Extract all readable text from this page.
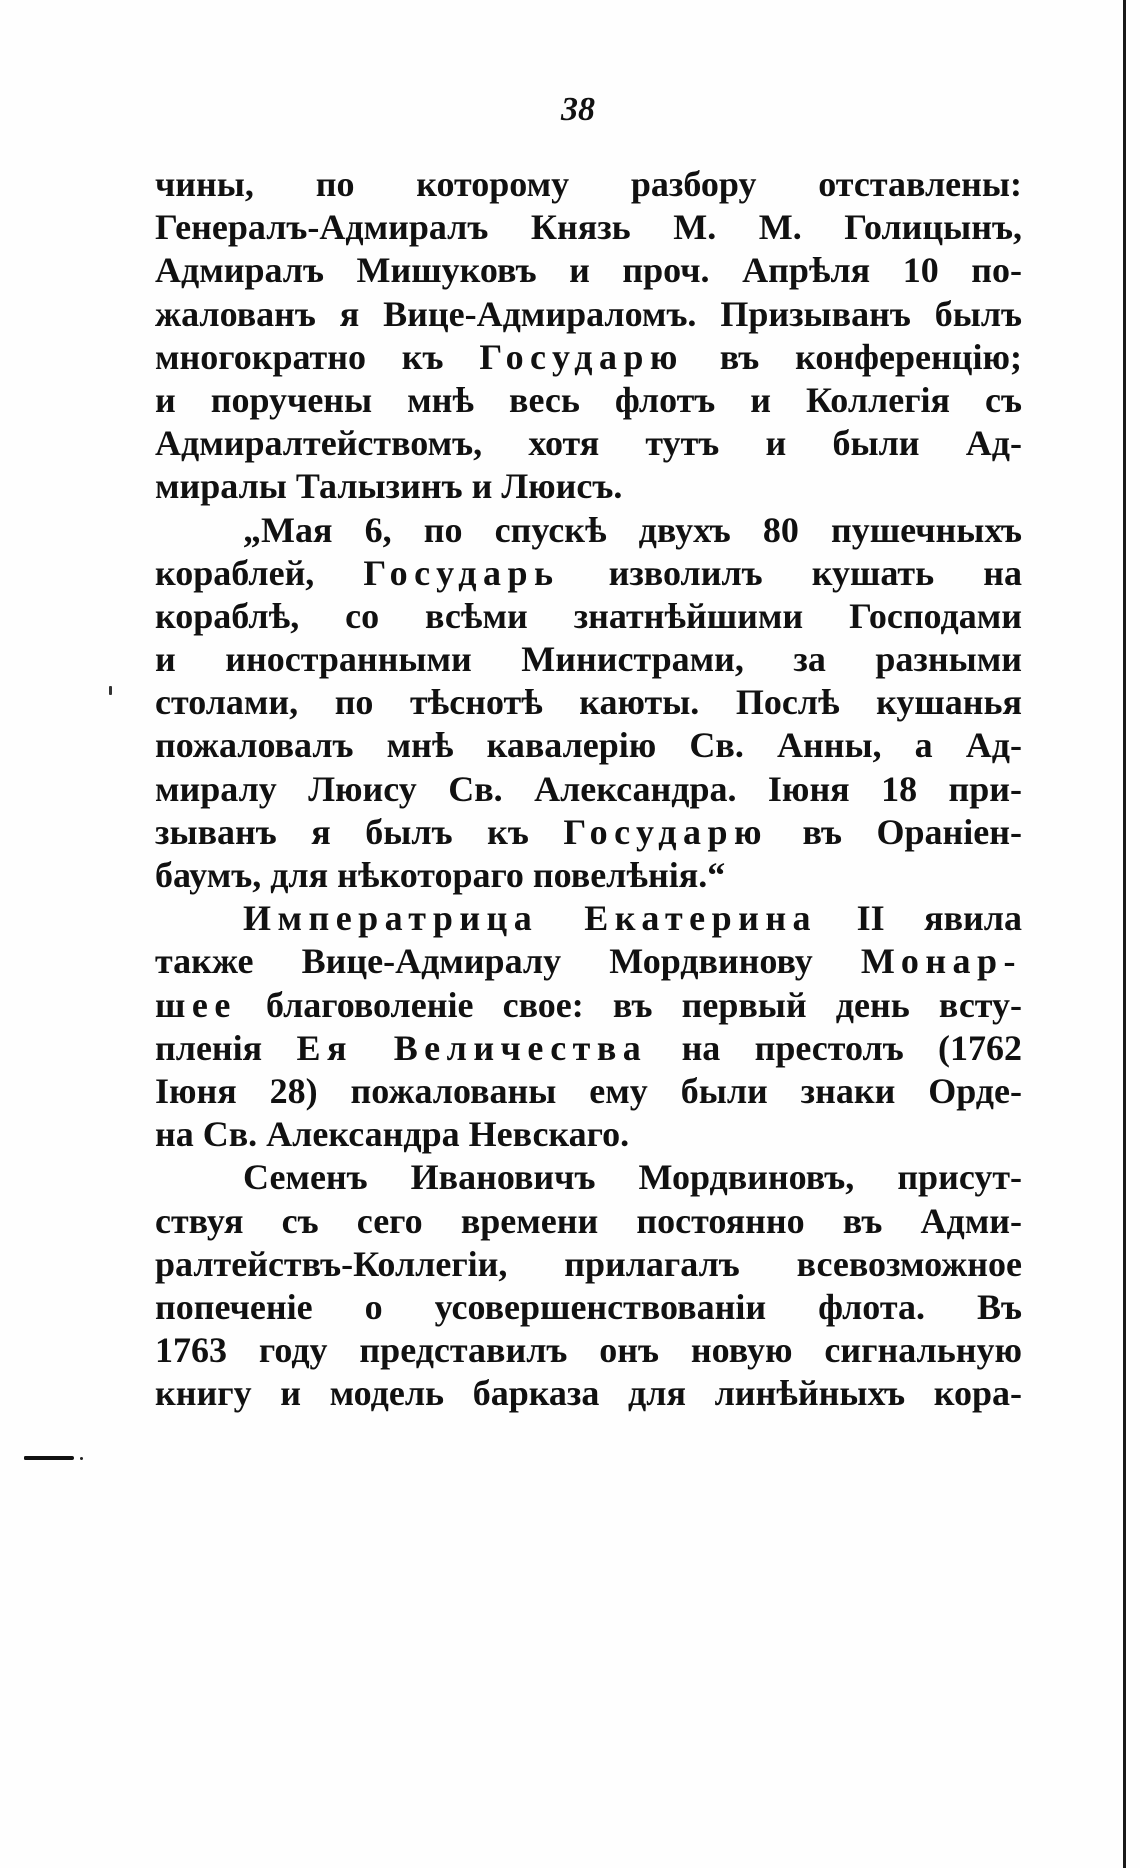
38
чины, по которому разбору отставлены:
Генералъ-Адмиралъ Князь М. М. Голицынъ,
Адмиралъ Мишуковъ и проч. Апрѣля 10 по-
жалованъ я Вице-Адмираломъ. Призыванъ былъ
многократно къ Государю въ конференцію;
и поручены мнѣ весь флотъ и Коллегія съ
Адмиралтействомъ, хотя тутъ и были Ад-
миралы Талызинъ и Люисъ.
„Мая 6, по спускѣ двухъ 80 пушечныхъ
кораблей, Государь изволилъ кушать на
кораблѣ, со всѣми знатнѣйшими Господами
и иностранными Министрами, за разными
столами, по тѣснотѣ каюты. Послѣ кушанья
пожаловалъ мнѣ кавалерію Св. Анны, а Ад-
миралу Люису Св. Александра. Іюня 18 при-
зыванъ я былъ къ Государю въ Ораніен-
баумъ, для нѣкотораго повелѣнія.“
Императрица Екатерина II явила
также Вице-Адмиралу Мордвинову Монар-
шее благоволеніе свое: въ первый день всту-
пленія Ея Величества на престолъ (1762
Іюня 28) пожалованы ему были знаки Орде-
на Св. Александра Невскаго.
Семенъ Ивановичъ Мордвиновъ, присут-
ствуя съ сего времени постоянно въ Адми-
ралтействъ-Коллегіи, прилагалъ всевозможное
попеченіе о усовершенствованіи флота. Въ
1763 году представилъ онъ новую сигнальную
книгу и модель барказа для линѣйныхъ кора-
